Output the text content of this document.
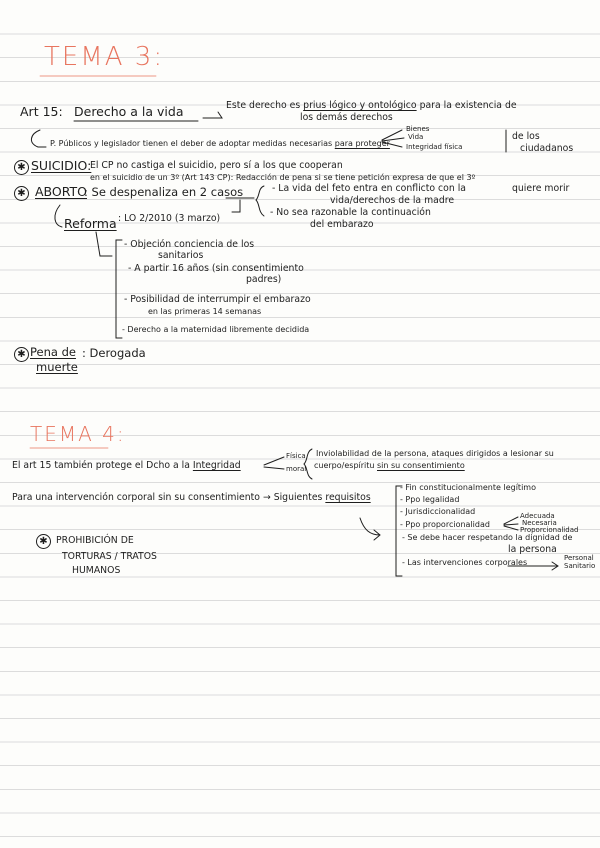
TEMA 3:
Art 15: Derecho a la vida	Este derecho es prius lógico y ontológico para la existencia de
los demás derechos
P. Públicos y legislador tienen el deber de adoptar medidas necesarias para proteger
Bienes
Vida
Integridad física
de los
ciudadanos
✱ SUICIDIO:
El CP no castiga el suicidio, pero sí a los que cooperan
en el suicidio de un 3º (Art 143 CP): Redacción de pena si se tiene petición expresa de que el 3º
quiere morir
✱ ABORTO
: Se despenaliza en 2 casos	- La vida del feto entra en conflicto con la
vida/derechos de la madre
- No sea razonable la continuación
del embarazo
Reforma : LO 2/2010 (3 marzo)
- Objeción conciencia de los
sanitarios
- A partir 16 años (sin consentimiento
padres)
- Posibilidad de interrumpir el embarazo
en las primeras 14 semanas
- Derecho a la maternidad libremente decidida
✱ Pena de
muerte
: Derogada
TEMA 4:
El art 15 también protege el Dcho a la Integridad
Física
moral
Inviolabilidad de la persona, ataques dirigidos a lesionar su
cuerpo/espíritu sin su consentimiento
Para una intervención corporal sin su consentimiento → Siguientes requisitos
- Fin constitucionalmente legítimo
- Ppo legalidad
- Jurisdiccionalidad
- Ppo proporcionalidad
Adecuada
Necesaria
Proporcionalidad
- Se debe hacer respetando la dignidad de
la persona
- Las intervenciones corporales	Personal
Sanitario
✱ PROHIBICIÓN DE
TORTURAS / TRATOS
HUMANOS
